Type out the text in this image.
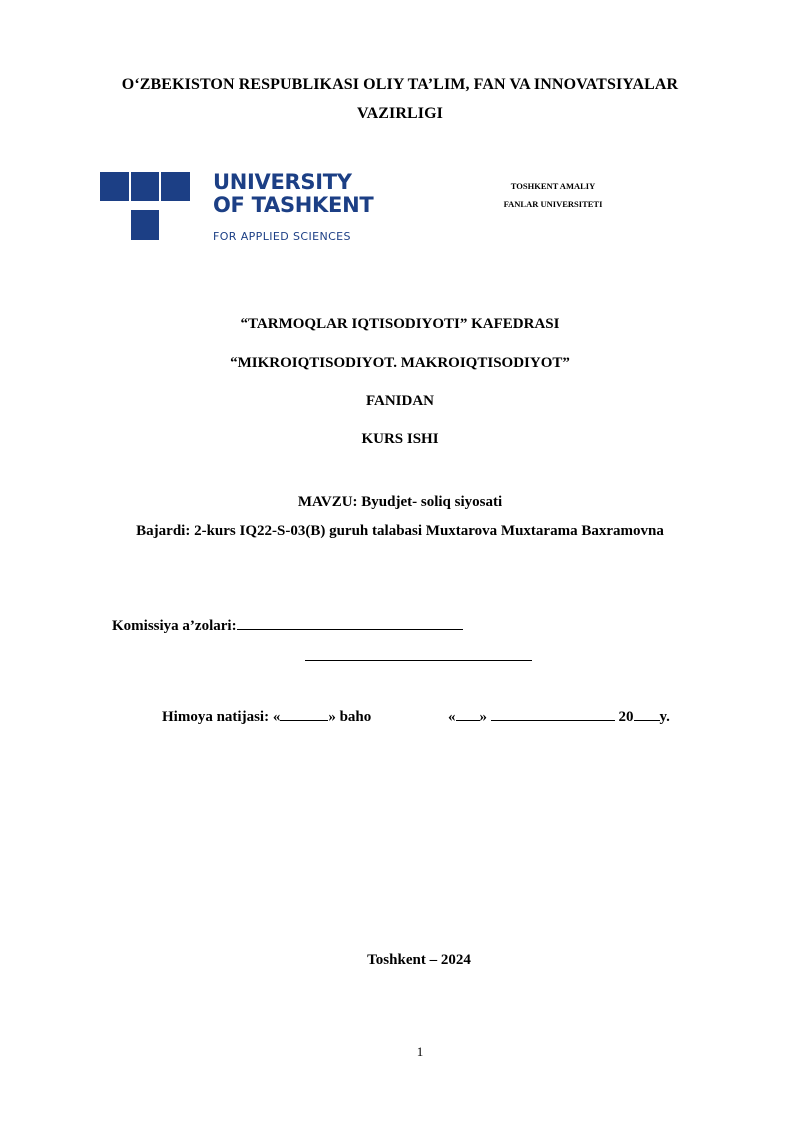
O‘ZBEKISTON RESPUBLIKASI OLIY TA’LIM, FAN VA INNOVATSIYALAR
VAZIRLIGI
UNIVERSITY
OF TASHKENT
FOR APPLIED SCIENCES
TOSHKENT AMALIY
FANLAR UNIVERSITETI
“TARMOQLAR IQTISODIYOTI” KAFEDRASI
“MIKROIQTISODIYOT. MAKROIQTISODIYOT”
FANIDAN
KURS ISHI
MAVZU: Byudjet- soliq siyosati
Bajardi: 2-kurs IQ22-S-03(B) guruh talabasi Muxtarova Muxtarama Baxramovna
Komissiya a’zolari:
Himoya natijasi: «	» baho	« »	20 y.
Toshkent – 2024
1
